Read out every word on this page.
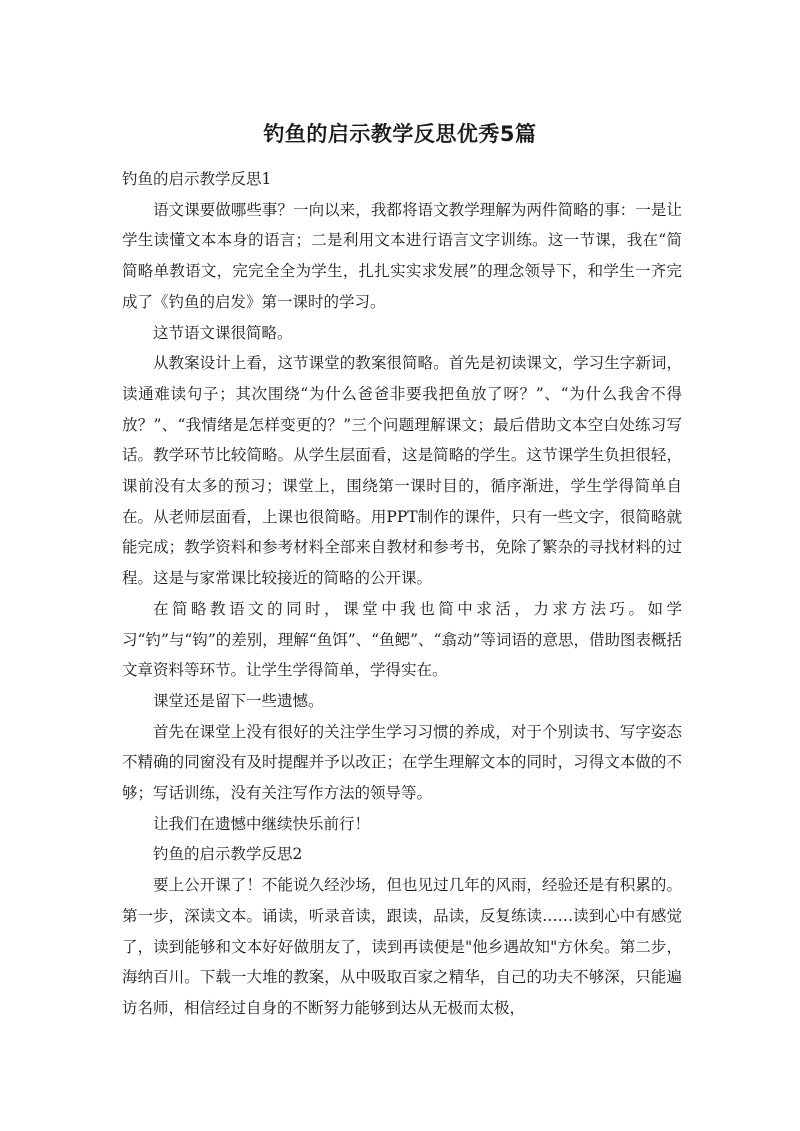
钓鱼的启示教学反思优秀5篇

钓鱼的启示教学反思1

语文课要做哪些事？一向以来，我都将语文教学理解为两件简略的事：一是让学生读懂文本本身的语言；二是利用文本进行语言文字训练。这一节课，我在“简简略单教语文，完完全全为学生，扎扎实实求发展”的理念领导下，和学生一齐完成了《钓鱼的启发》第一课时的学习。

这节语文课很简略。

从教案设计上看，这节课堂的教案很简略。首先是初读课文，学习生字新词，读通难读句子；其次围绕“为什么爸爸非要我把鱼放了呀？”、“为什么我舍不得放？”、“我情绪是怎样变更的？”三个问题理解课文；最后借助文本空白处练习写话。教学环节比较简略。从学生层面看，这是简略的学生。这节课学生负担很轻，课前没有太多的预习；课堂上，围绕第一课时目的，循序渐进，学生学得简单自在。从老师层面看，上课也很简略。用PPT制作的课件，只有一些文字，很简略就能完成；教学资料和参考材料全部来自教材和参考书，免除了繁杂的寻找材料的过程。这是与家常课比较接近的简略的公开课。

在简略教语文的同时，课堂中我也简中求活，力求方法巧。如学习“钓”与“钩”的差别，理解“鱼饵”、“鱼鳃”、“翕动”等词语的意思，借助图表概括文章资料等环节。让学生学得简单，学得实在。

课堂还是留下一些遗憾。

首先在课堂上没有很好的关注学生学习习惯的养成，对于个别读书、写字姿态不精确的同窗没有及时提醒并予以改正；在学生理解文本的同时，习得文本做的不够；写话训练，没有关注写作方法的领导等。

让我们在遗憾中继续快乐前行！

钓鱼的启示教学反思2

要上公开课了！不能说久经沙场，但也见过几年的风雨，经验还是有积累的。第一步，深读文本。诵读，听录音读，跟读，品读，反复练读……读到心中有感觉了，读到能够和文本好好做朋友了，读到再读便是"他乡遇故知"方休矣。第二步，海纳百川。下载一大堆的教案，从中吸取百家之精华，自己的功夫不够深，只能遍访名师，相信经过自身的不断努力能够到达从无极而太极，
